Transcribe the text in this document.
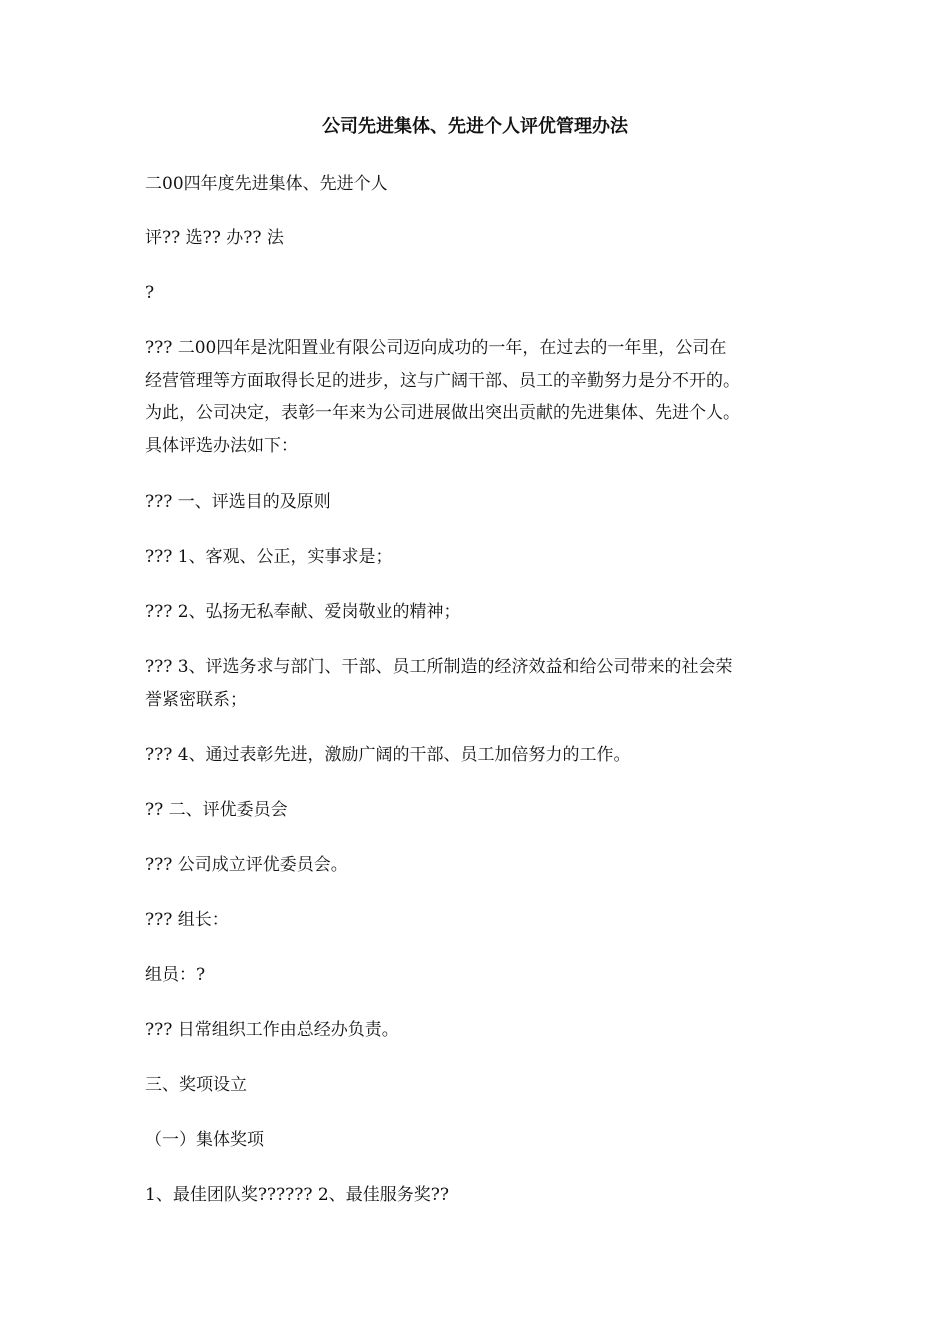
公司先进集体、先进个人评优管理办法
二00四年度先进集体、先进个人
评?? 选?? 办?? 法
?
??? 二00四年是沈阳置业有限公司迈向成功的一年，在过去的一年里，公司在
经营管理等方面取得长足的进步，这与广阔干部、员工的辛勤努力是分不开的。
为此，公司决定，表彰一年来为公司进展做出突出贡献的先进集体、先进个人。
具体评选办法如下：
??? 一、评选目的及原则
??? 1、客观、公正，实事求是；
??? 2、弘扬无私奉献、爱岗敬业的精神；
??? 3、评选务求与部门、干部、员工所制造的经济效益和给公司带来的社会荣
誉紧密联系；
??? 4、通过表彰先进，激励广阔的干部、员工加倍努力的工作。
?? 二、评优委员会
??? 公司成立评优委员会。
??? 组长：
组员：?
??? 日常组织工作由总经办负责。
三、奖项设立
（一）集体奖项
1、最佳团队奖?????? 2、最佳服务奖??
